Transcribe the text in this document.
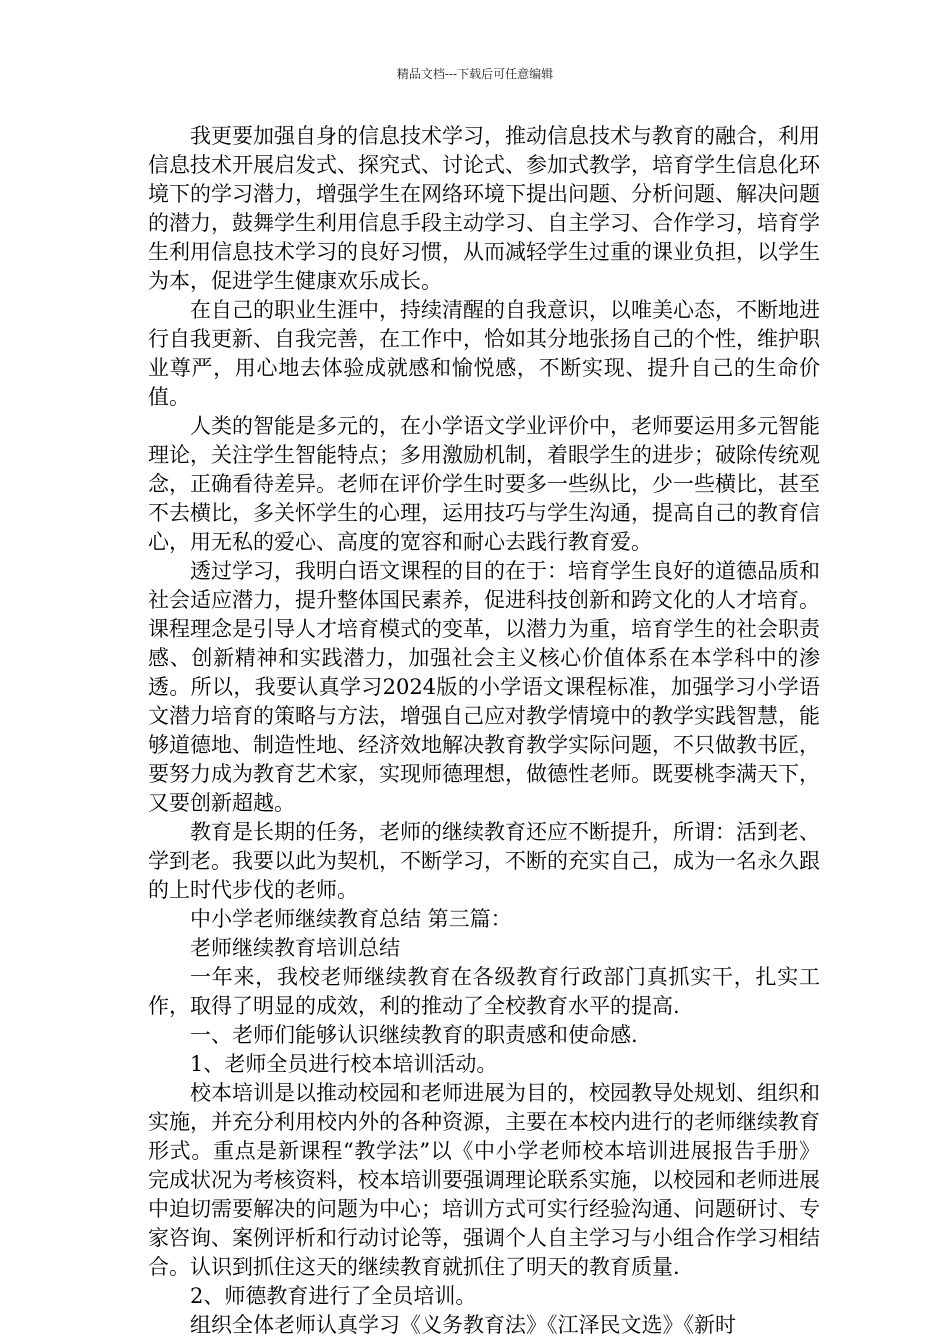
精品文档---下载后可任意编辑

我更要加强自身的信息技术学习，推动信息技术与教育的融合，利用信息技术开展启发式、探究式、讨论式、参加式教学，培育学生信息化环境下的学习潜力，增强学生在网络环境下提出问题、分析问题、解决问题的潜力，鼓舞学生利用信息手段主动学习、自主学习、合作学习，培育学生利用信息技术学习的良好习惯，从而减轻学生过重的课业负担，以学生为本，促进学生健康欢乐成长。

在自己的职业生涯中，持续清醒的自我意识，以唯美心态，不断地进行自我更新、自我完善，在工作中，恰如其分地张扬自己的个性，维护职业尊严，用心地去体验成就感和愉悦感，不断实现、提升自己的生命价值。

人类的智能是多元的，在小学语文学业评价中，老师要运用多元智能理论，关注学生智能特点；多用激励机制，着眼学生的进步；破除传统观念，正确看待差异。老师在评价学生时要多一些纵比，少一些横比，甚至不去横比，多关怀学生的心理，运用技巧与学生沟通，提高自己的教育信心，用无私的爱心、高度的宽容和耐心去践行教育爱。

透过学习，我明白语文课程的目的在于：培育学生良好的道德品质和社会适应潜力，提升整体国民素养，促进科技创新和跨文化的人才培育。课程理念是引导人才培育模式的变革，以潜力为重，培育学生的社会职责感、创新精神和实践潜力，加强社会主义核心价值体系在本学科中的渗透。所以，我要认真学习2024版的小学语文课程标准，加强学习小学语文潜力培育的策略与方法，增强自己应对教学情境中的教学实践智慧，能够道德地、制造性地、经济效地解决教育教学实际问题，不只做教书匠，要努力成为教育艺术家，实现师德理想，做德性老师。既要桃李满天下，又要创新超越。

教育是长期的任务，老师的继续教育还应不断提升，所谓：活到老、学到老。我要以此为契机，不断学习，不断的充实自己，成为一名永久跟的上时代步伐的老师。

中小学老师继续教育总结 第三篇：

老师继续教育培训总结

一年来，我校老师继续教育在各级教育行政部门真抓实干，扎实工作，取得了明显的成效，利的推动了全校教育水平的提高.

一、老师们能够认识继续教育的职责感和使命感.

1、老师全员进行校本培训活动。

校本培训是以推动校园和老师进展为目的，校园教导处规划、组织和实施，并充分利用校内外的各种资源，主要在本校内进行的老师继续教育形式。重点是新课程“教学法”以《中小学老师校本培训进展报告手册》完成状况为考核资料，校本培训要强调理论联系实施，以校园和老师进展中迫切需要解决的问题为中心；培训方式可实行经验沟通、问题研讨、专家咨询、案例评析和行动讨论等，强调个人自主学习与小组合作学习相结合。认识到抓住这天的继续教育就抓住了明天的教育质量.

2、师德教育进行了全员培训。

组织全体老师认真学习《义务教育法》《江泽民文选》《新时
